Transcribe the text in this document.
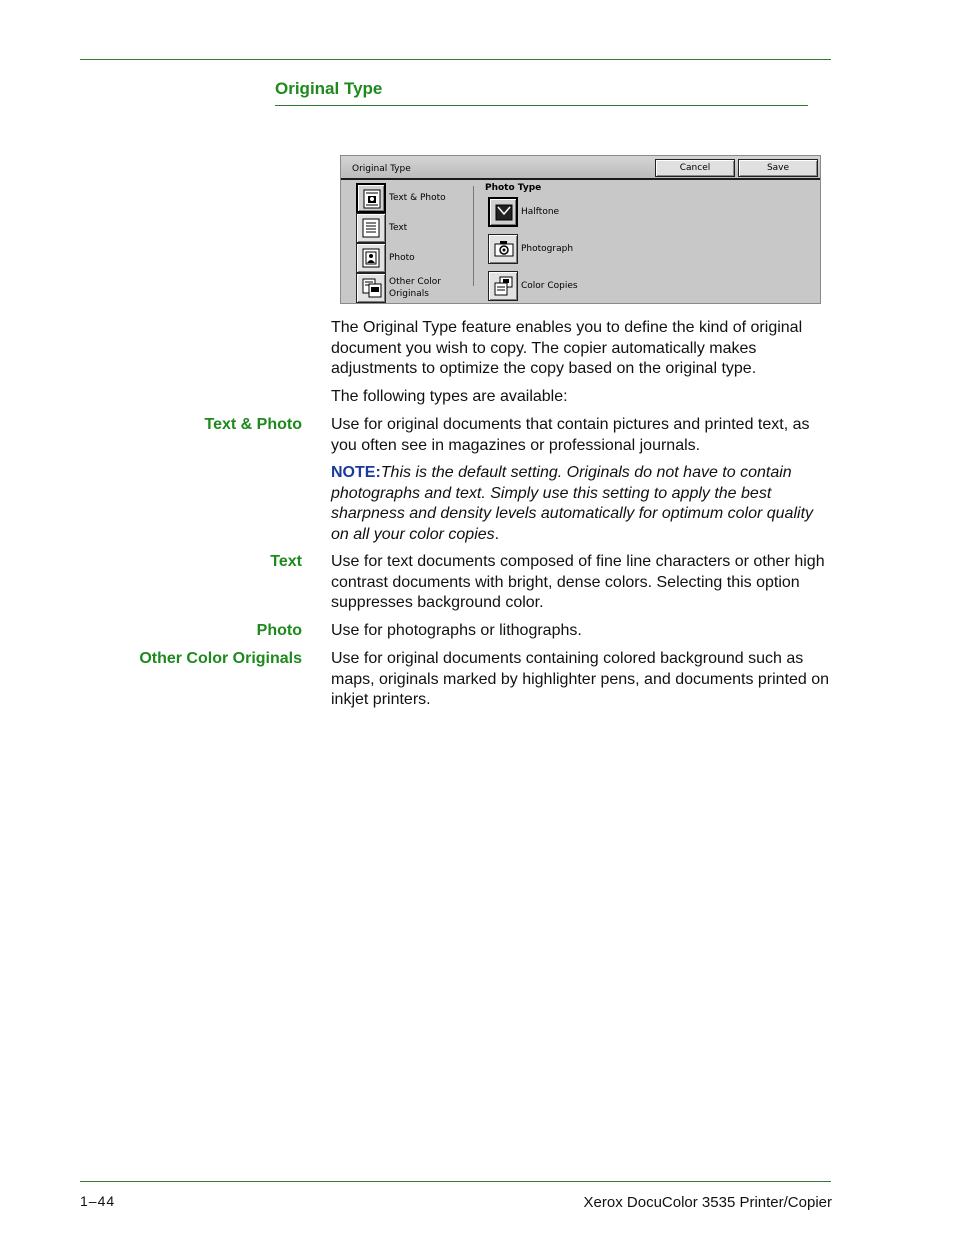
Original Type
Original Type	Cancel	Save
Text & Photo
Text
Photo
Other Color
Originals
Photo Type
Halftone
Photograph
Color Copies

The Original Type feature enables you to define the kind of original document you wish to copy. The copier automatically makes adjustments to optimize the copy based on the original type.

The following types are available:

Text & Photo Use for original documents that contain pictures and printed text, as you often see in magazines or professional journals.

NOTE:This is the default setting. Originals do not have to contain photographs and text. Simply use this setting to apply the best sharpness and density levels automatically for optimum color quality on all your color copies.

Text Use for text documents composed of fine line characters or other high contrast documents with bright, dense colors. Selecting this option suppresses background color.

Photo Use for photographs or lithographs.

Other Color Originals Use for original documents containing colored background such as maps, originals marked by highlighter pens, and documents printed on inkjet printers.

1–44	Xerox DocuColor 3535 Printer/Copier
